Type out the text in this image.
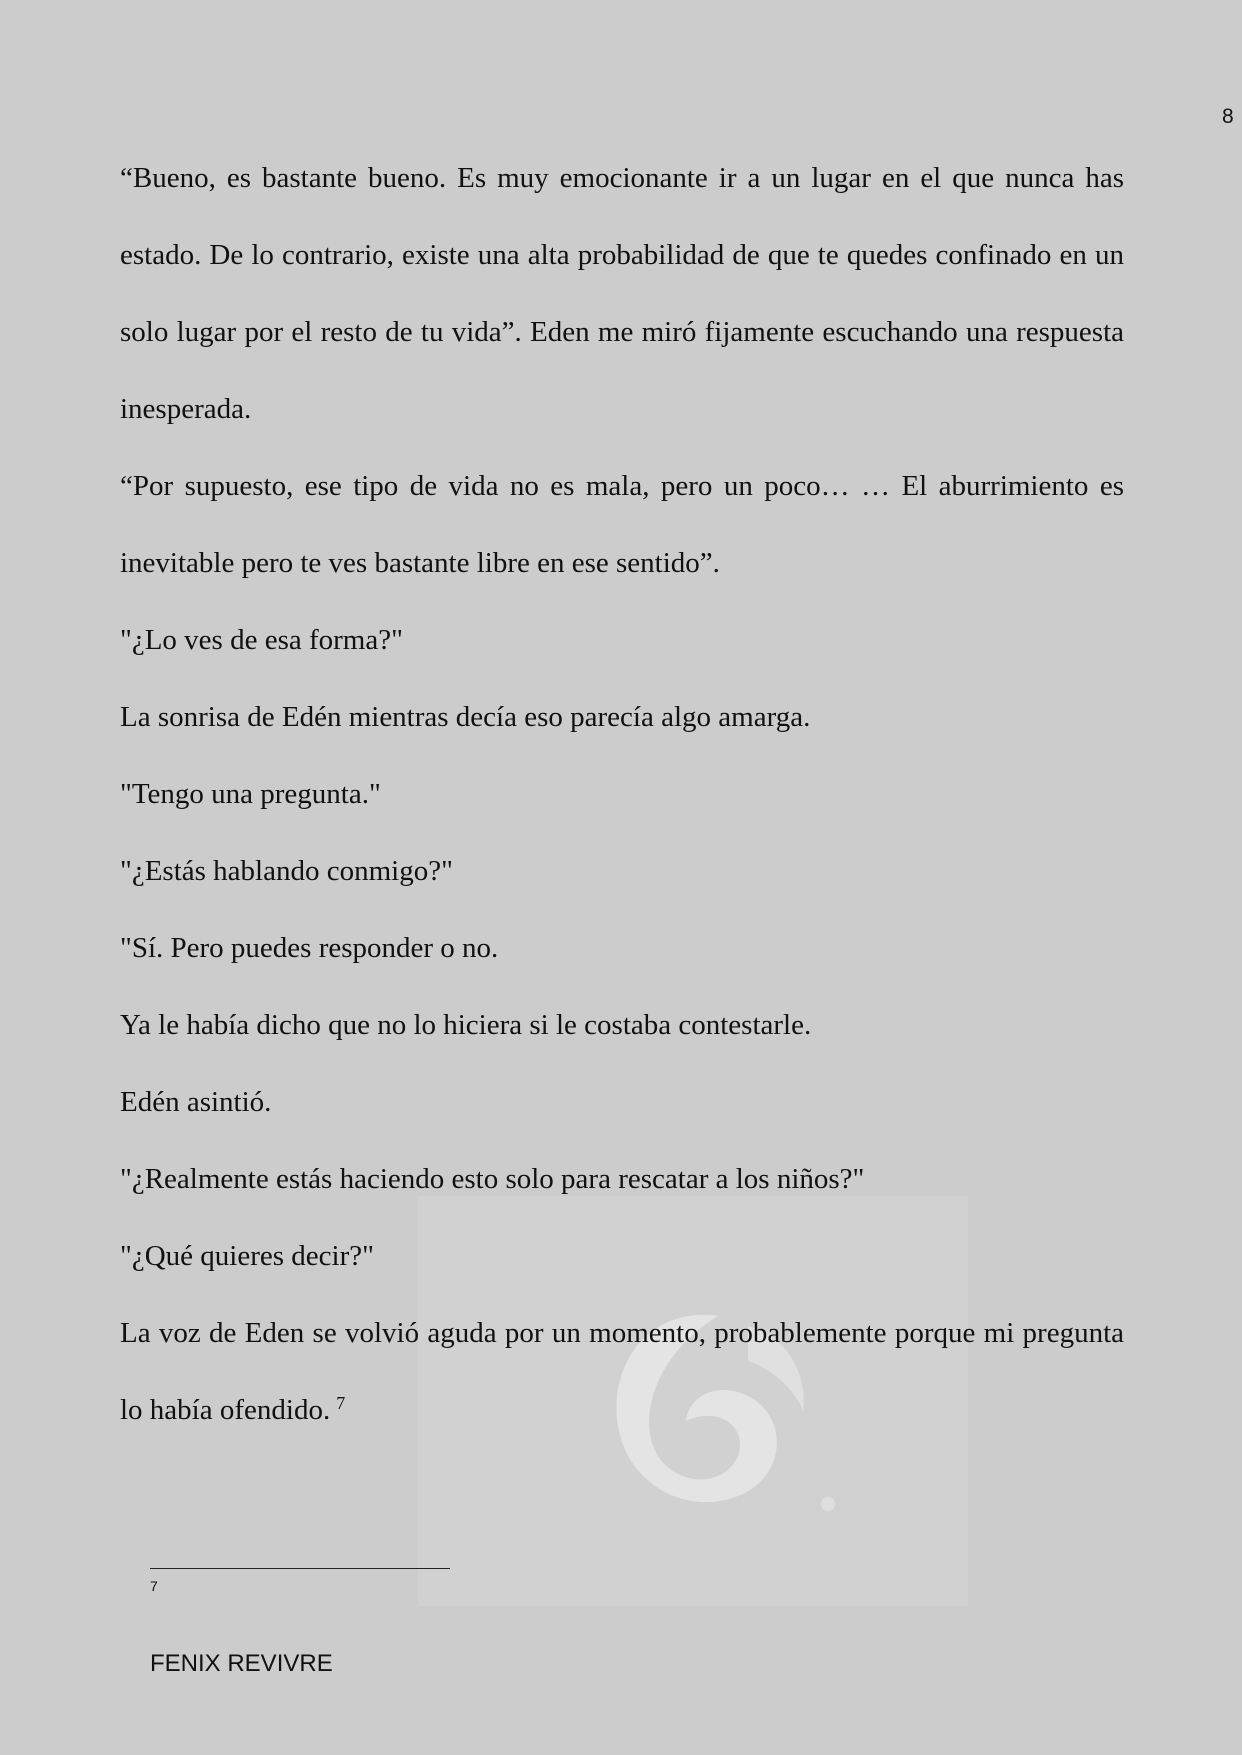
8

“Bueno, es bastante bueno. Es muy emocionante ir a un lugar en el que nunca has estado. De lo contrario, existe una alta probabilidad de que te quedes confinado en un solo lugar por el resto de tu vida”. Eden me miró fijamente escuchando una respuesta inesperada.

“Por supuesto, ese tipo de vida no es mala, pero un poco… … El aburrimiento es inevitable pero te ves bastante libre en ese sentido”.

"¿Lo ves de esa forma?"

La sonrisa de Edén mientras decía eso parecía algo amarga.

"Tengo una pregunta."

"¿Estás hablando conmigo?"

"Sí. Pero puedes responder o no.

Ya le había dicho que no lo hiciera si le costaba contestarle.

Edén asintió.

"¿Realmente estás haciendo esto solo para rescatar a los niños?"

"¿Qué quieres decir?"

La voz de Eden se volvió aguda por un momento, probablemente porque mi pregunta lo había ofendido. $^7$

7
FENIX REVIVRE
